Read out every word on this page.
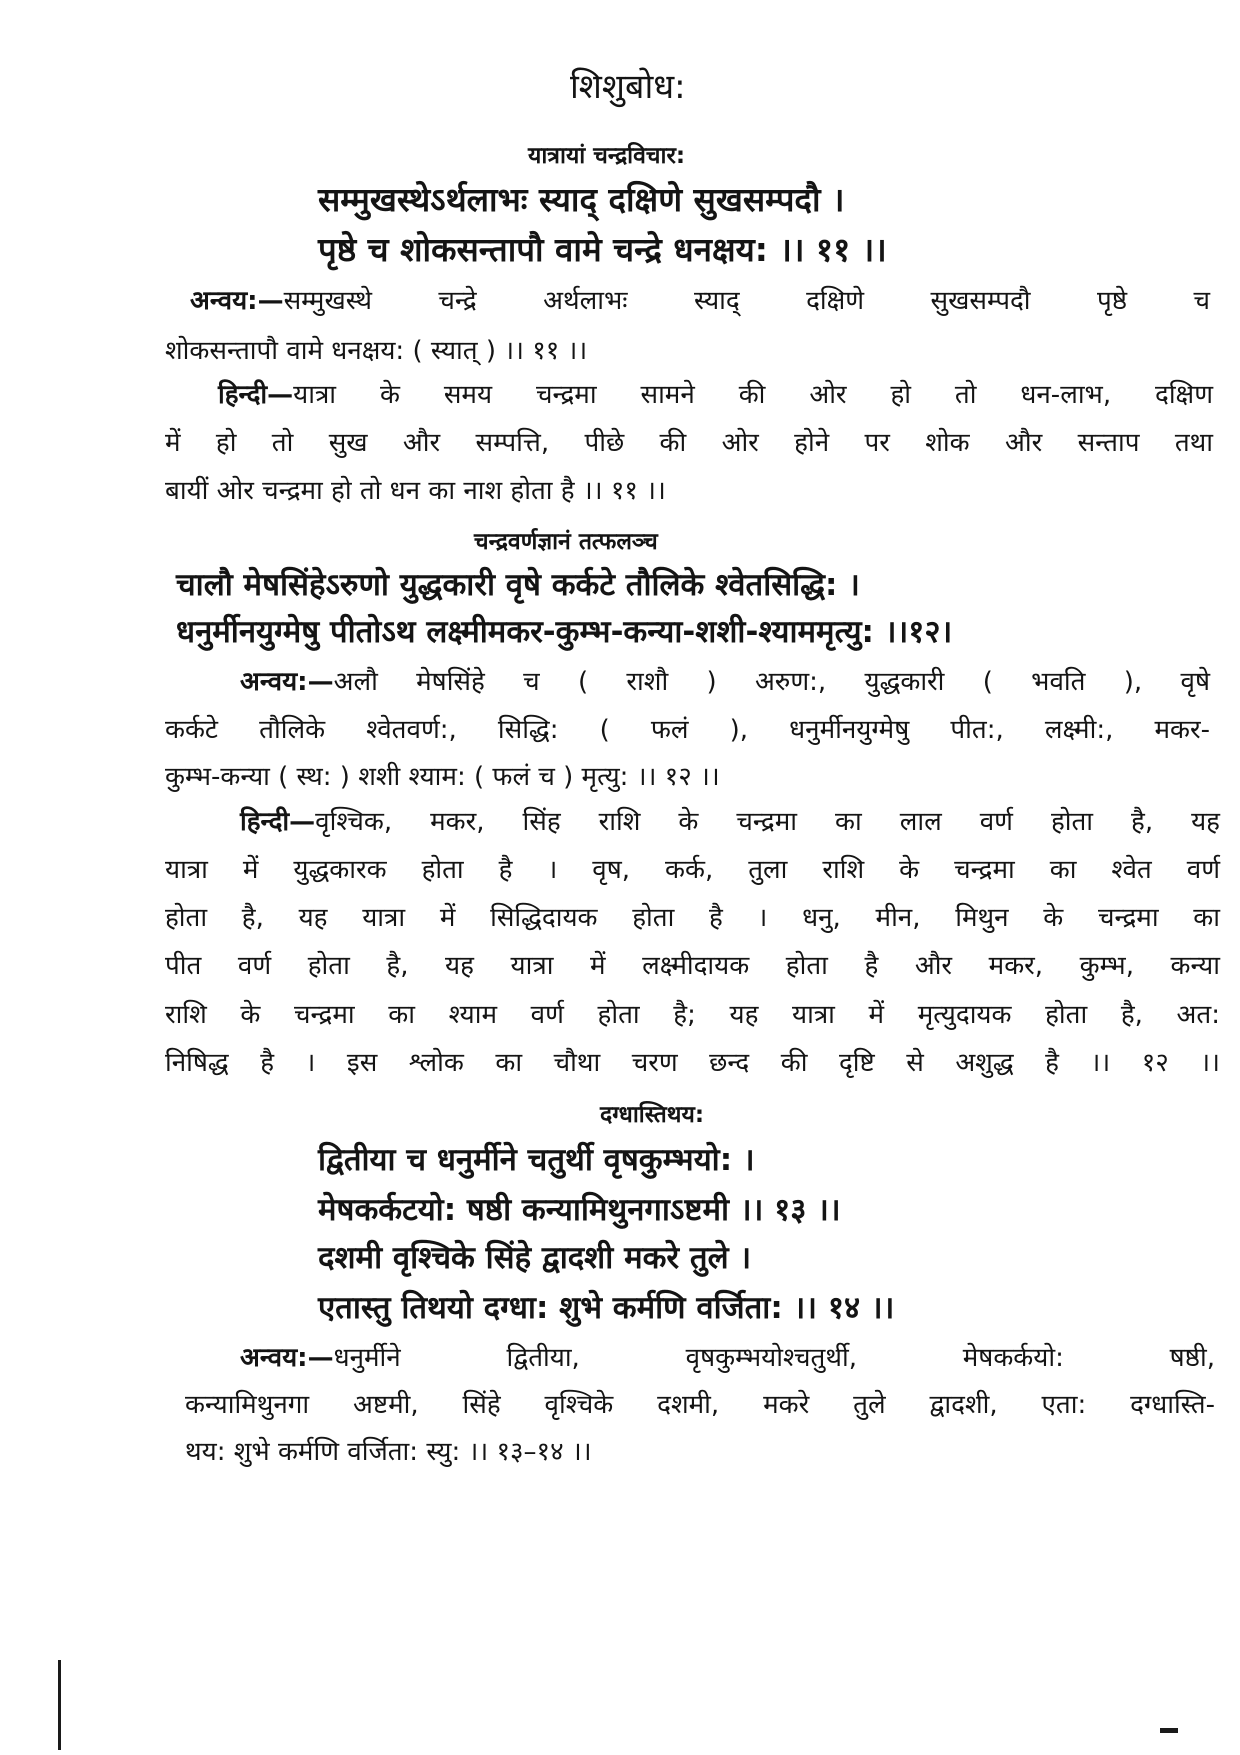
शिशुबोध:
यात्रायां चन्द्रविचार:
सम्मुखस्थेऽर्थलाभः स्याद् दक्षिणे सुखसम्पदौ ।
पृष्ठे च शोकसन्तापौ वामे चन्द्रे धनक्षय: ।। ११ ।।
अन्वय:—सम्मुखस्थे चन्द्रे अर्थलाभः स्याद् दक्षिणे सुखसम्पदौ पृष्ठे च
शोकसन्तापौ वामे धनक्षय: ( स्यात् ) ।। ११ ।।
हिन्दी—यात्रा के समय चन्द्रमा सामने की ओर हो तो धन-लाभ, दक्षिण
में हो तो सुख और सम्पत्ति, पीछे की ओर होने पर शोक और सन्ताप तथा
बायीं ओर चन्द्रमा हो तो धन का नाश होता है ।। ११ ।।
चन्द्रवर्णज्ञानं तत्फलञ्च
चालौ मेषसिंहेऽरुणो युद्धकारी वृषे कर्कटे तौलिके श्वेतसिद्धि: ।
धनुर्मीनयुग्मेषु पीतोऽथ लक्ष्मीमकर-कुम्भ-कन्या-शशी-श्याममृत्यु: ।।१२।
अन्वय:—अलौ मेषसिंहे च ( राशौ ) अरुण:, युद्धकारी ( भवति ), वृषे
कर्कटे तौलिके श्वेतवर्ण:, सिद्धि: ( फलं ), धनुर्मीनयुग्मेषु पीत:, लक्ष्मी:, मकर-
कुम्भ-कन्या ( स्थ: ) शशी श्याम: ( फलं च ) मृत्यु: ।। १२ ।।
हिन्दी—वृश्चिक, मकर, सिंह राशि के चन्द्रमा का लाल वर्ण होता है, यह
यात्रा में युद्धकारक होता है । वृष, कर्क, तुला राशि के चन्द्रमा का श्वेत वर्ण
होता है, यह यात्रा में सिद्धिदायक होता है । धनु, मीन, मिथुन के चन्द्रमा का
पीत वर्ण होता है, यह यात्रा में लक्ष्मीदायक होता है और मकर, कुम्भ, कन्या
राशि के चन्द्रमा का श्याम वर्ण होता है; यह यात्रा में मृत्युदायक होता है, अत:
निषिद्ध है । इस श्लोक का चौथा चरण छन्द की दृष्टि से अशुद्ध है ।। १२ ।।
दग्धास्तिथय:
द्वितीया च धनुर्मीने चतुर्थी वृषकुम्भयो: ।
मेषकर्कटयो: षष्ठी कन्यामिथुनगाऽष्टमी ।। १३ ।।
दशमी वृश्चिके सिंहे द्वादशी मकरे तुले ।
एतास्तु तिथयो दग्धा: शुभे कर्मणि वर्जिता: ।। १४ ।।
अन्वय:—धनुर्मीने द्वितीया, वृषकुम्भयोश्चतुर्थी, मेषकर्कयो: षष्ठी,
कन्यामिथुनगा अष्टमी, सिंहे वृश्चिके दशमी, मकरे तुले द्वादशी, एता: दग्धास्ति-
थय: शुभे कर्मणि वर्जिता: स्यु: ।। १३–१४ ।।
